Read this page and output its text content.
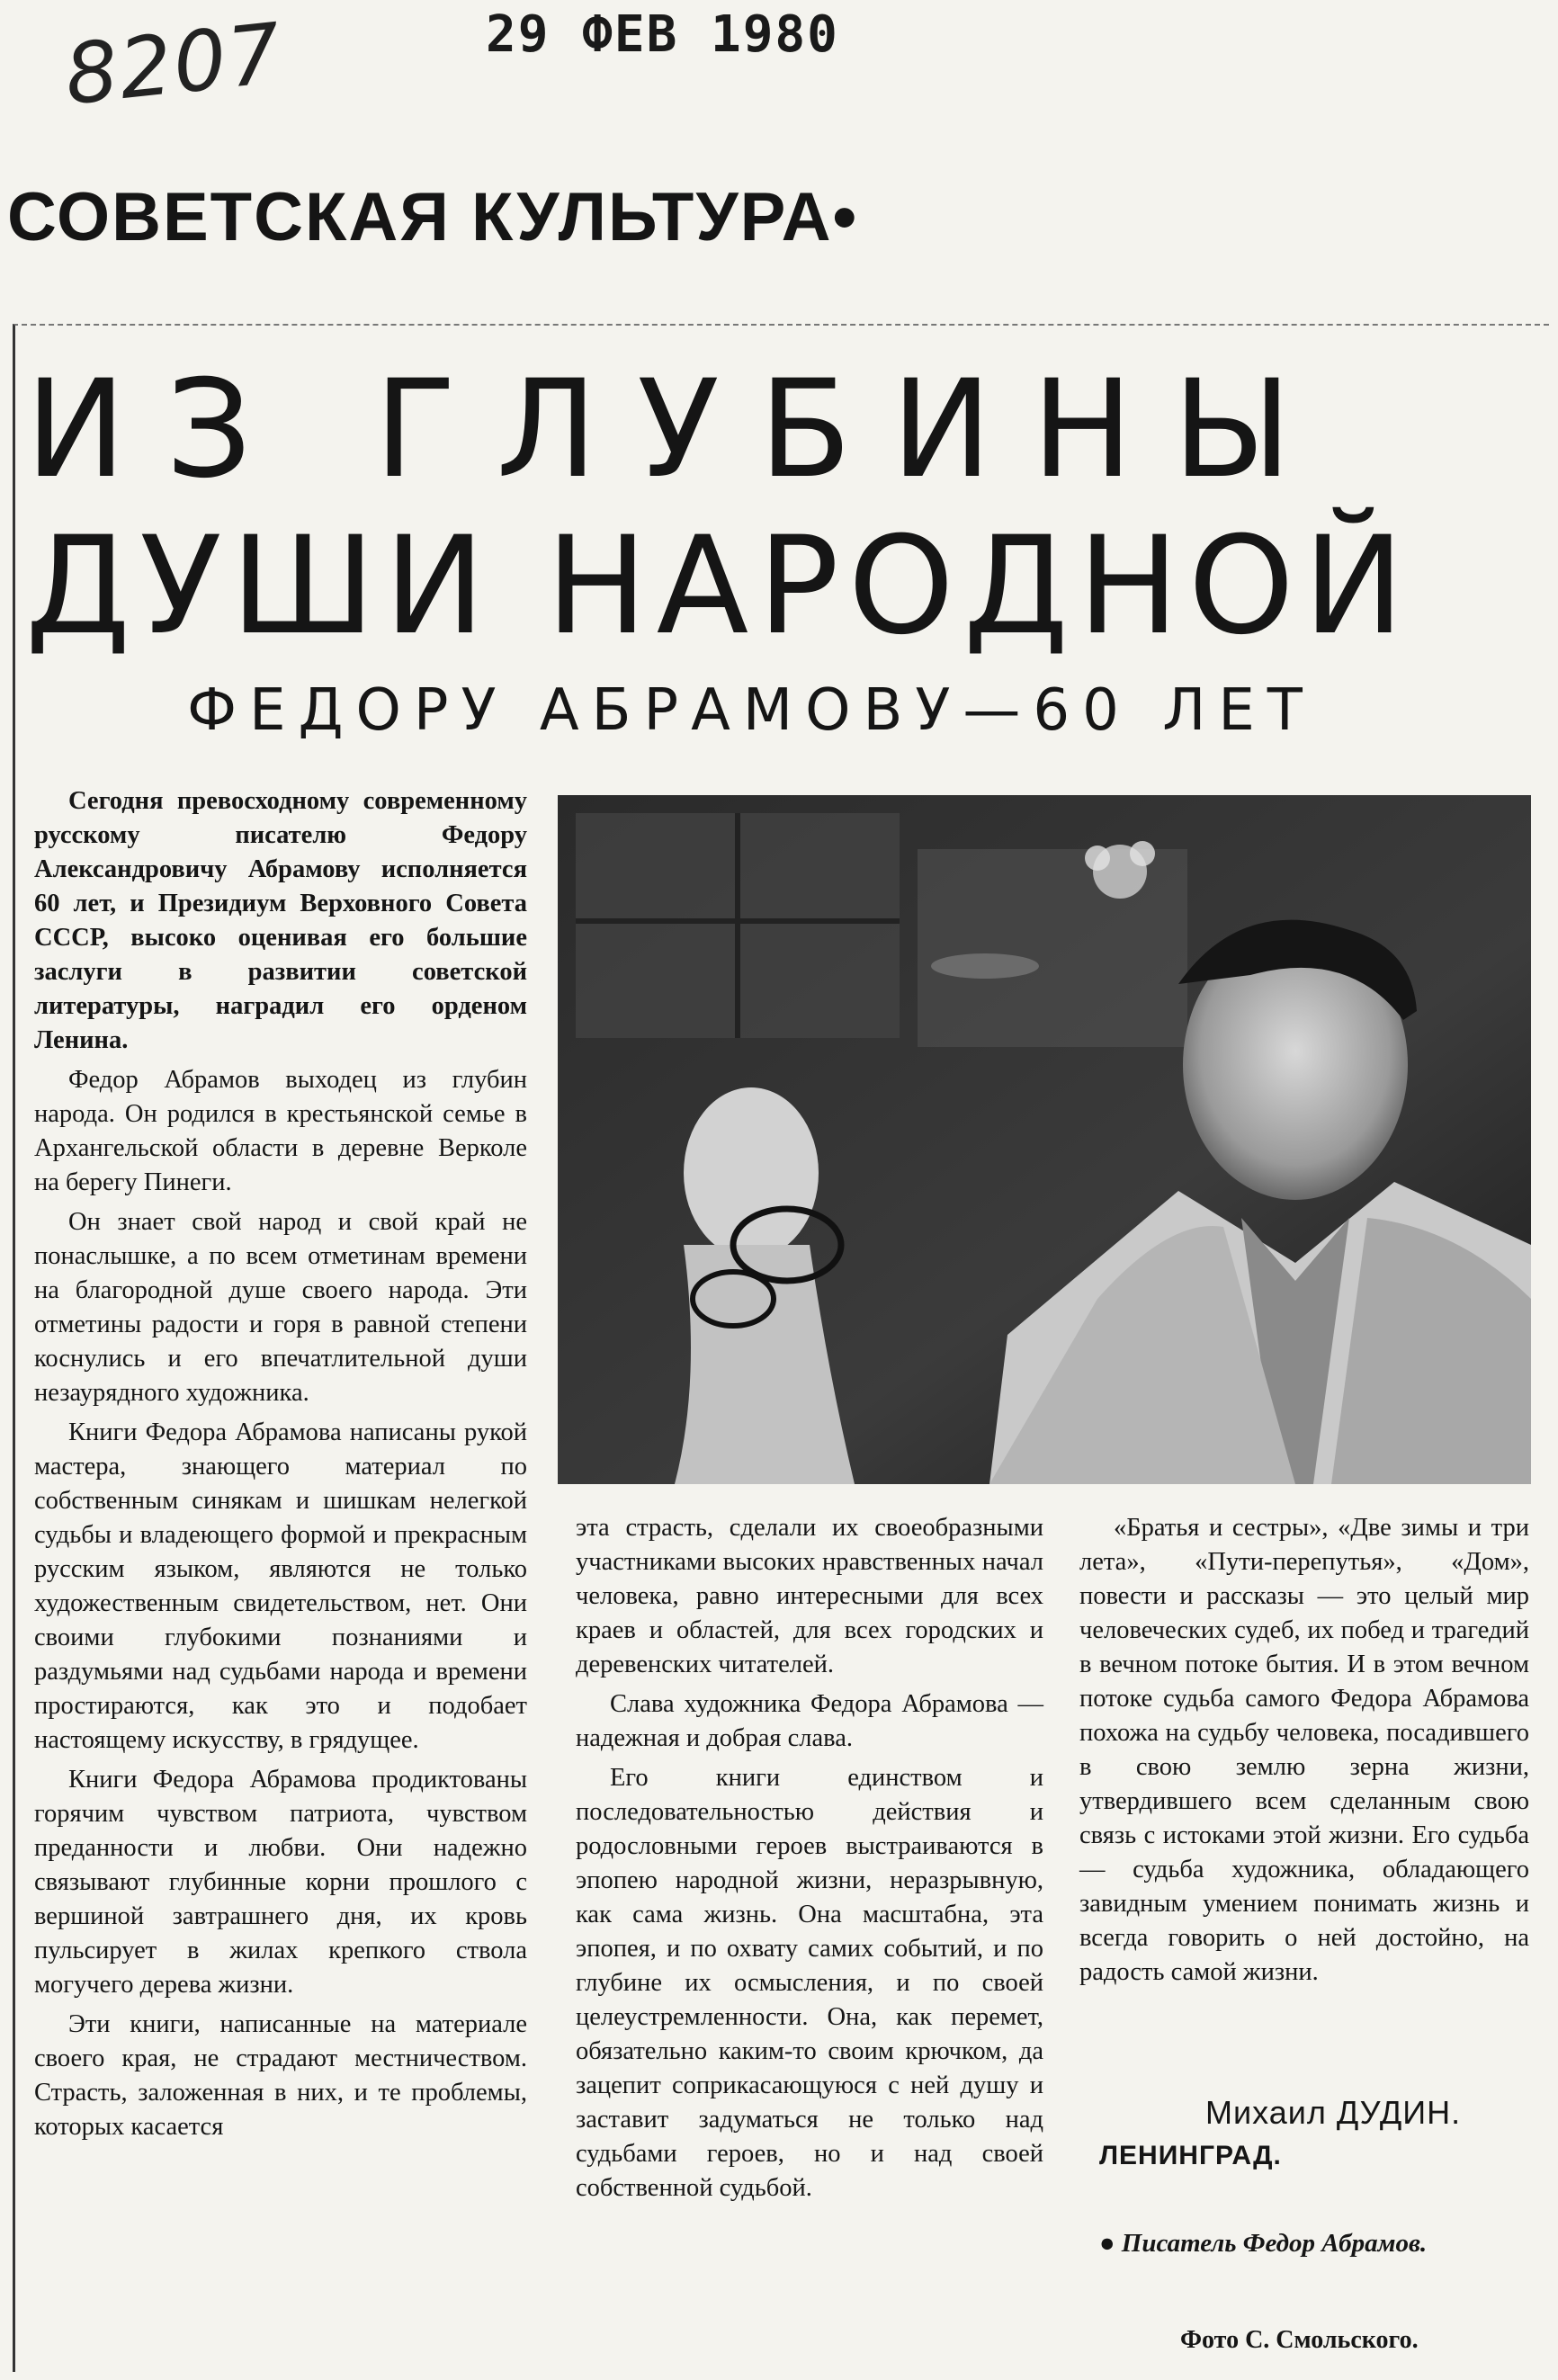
8207	29 ФЕВ 1980
СОВЕТСКАЯ КУЛЬТУРА•
ИЗ ГЛУБИНЫ
ДУШИ НАРОДНОЙ
ФЕДОРУ АБРАМОВУ—60 ЛЕТ

Сегодня превосходному современному русскому писателю Федору Александровичу Абрамову исполняется 60 лет, и Президиум Верховного Совета СССР, высоко оценивая его большие заслуги в развитии советской литературы, наградил его орденом Ленина.

Федор Абрамов выходец из глубин народа. Он родился в крестьянской семье в Архангельской области в деревне Верколе на берегу Пинеги.

Он знает свой народ и свой край не понаслышке, а по всем отметинам времени на благородной душе своего народа. Эти отметины радости и горя в равной степени коснулись и его впечатлительной души незаурядного художника.

Книги Федора Абрамова написаны рукой мастера, знающего материал по собственным синякам и шишкам нелегкой судьбы и владеющего формой и прекрасным русским языком, являются не только художественным свидетельством, нет. Они своими глубокими познаниями и раздумьями над судьбами народа и времени простираются, как это и подобает настоящему искусству, в грядущее.

Книги Федора Абрамова продиктованы горячим чувством патриота, чувством преданности и любви. Они надежно связывают глубинные корни прошлого с вершиной завтрашнего дня, их кровь пульсирует в жилах крепкого ствола могучего дерева жизни.

Эти книги, написанные на материале своего края, не страдают местничеством. Страсть, заложенная в них, и те проблемы, которых касается

эта страсть, сделали их своеобразными участниками высоких нравственных начал человека, равно интересными для всех краев и областей, для всех городских и деревенских читателей.

Слава художника Федора Абрамова — надежная и добрая слава.

Его книги единством и последовательностью действия и родословными героев выстраиваются в эпопею народной жизни, неразрывную, как сама жизнь. Она масштабна, эта эпопея, и по охвату самих событий, и по глубине их осмысления, и по своей целеустремленности. Она, как перемет, обязательно каким-то своим крючком, да зацепит соприкасающуюся с ней душу и заставит задуматься не только над судьбами героев, но и над своей собственной судьбой.

«Братья и сестры», «Две зимы и три лета», «Пути-перепутья», «Дом», повести и рассказы — это целый мир человеческих судеб, их побед и трагедий в вечном потоке бытия. И в этом вечном потоке судьба самого Федора Абрамова похожа на судьбу человека, посадившего в свою землю зерна жизни, утвердившего всем сделанным свою связь с истоками этой жизни. Его судьба — судьба художника, обладающего завидным умением понимать жизнь и всегда говорить о ней достойно, на радость самой жизни.

Михаил ДУДИН.
ЛЕНИНГРАД.
● Писатель Федор Абрамов.
Фото С. Смольского.
